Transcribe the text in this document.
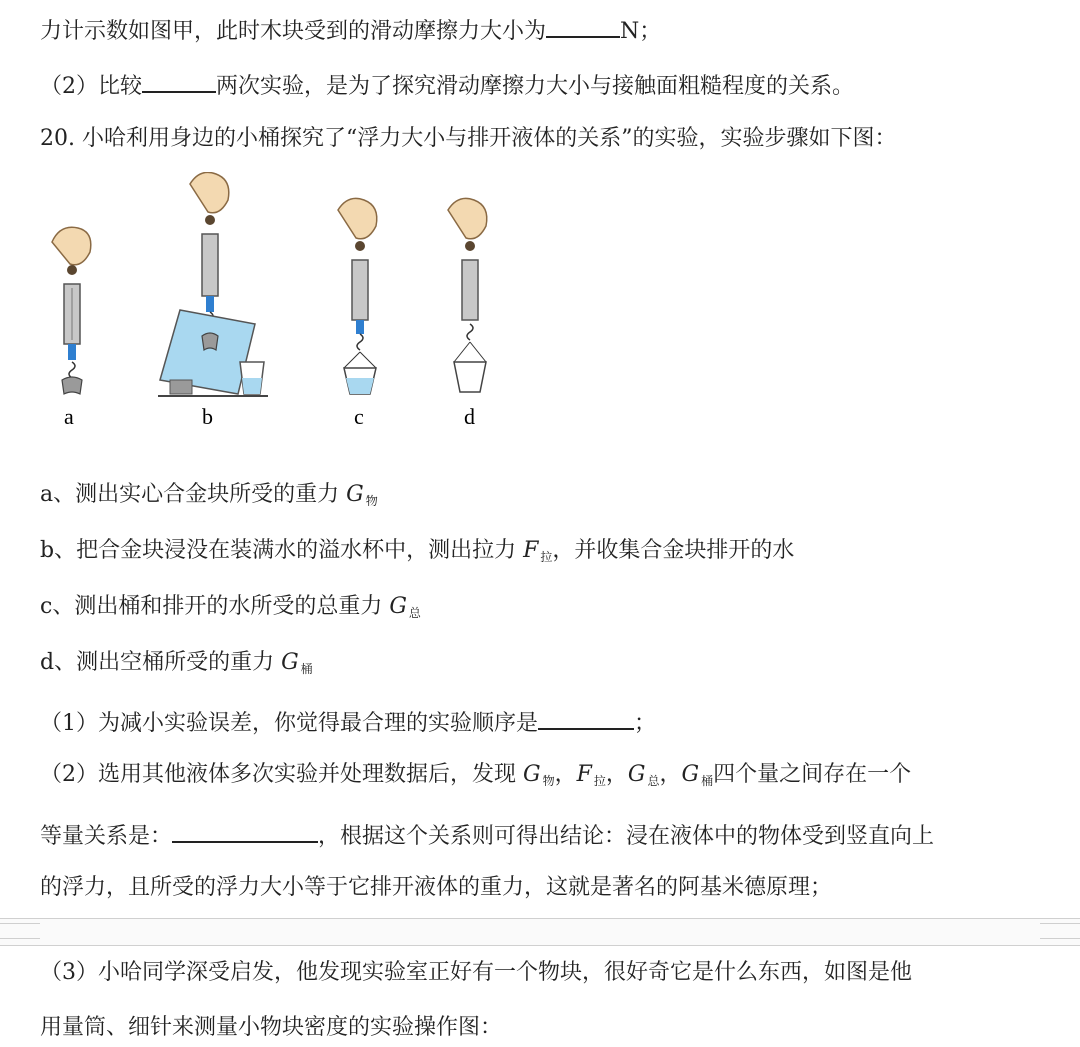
力计示数如图甲，此时木块受到的滑动摩擦力大小为	N；
（2）比较	两次实验，是为了探究滑动摩擦力大小与接触面粗糙程度的关系。
20. 小哈利用身边的小桶探究了“浮力大小与排开液体的关系”的实验，实验步骤如下图：
a	b	c	d
a、测出实心合金块所受的重力 G $_物$
b、把合金块浸没在装满水的溢水杯中，测出拉力 F $_拉$，并收集合金块排开的水
c、测出桶和排开的水所受的总重力 G $_总$
d、测出空桶所受的重力 G $_桶$
（1）为减小实验误差，你觉得最合理的实验顺序是	；
（2）选用其他液体多次实验并处理数据后，发现 G $_物$，F $_拉$，G $_总$，G $_桶$四个量之间存在一个
等量关系是：	，根据这个关系则可得出结论：浸在液体中的物体受到竖直向上
的浮力，且所受的浮力大小等于它排开液体的重力，这就是著名的阿基米德原理；
（3）小哈同学深受启发，他发现实验室正好有一个物块，很好奇它是什么东西，如图是他
用量筒、细针来测量小物块密度的实验操作图：
